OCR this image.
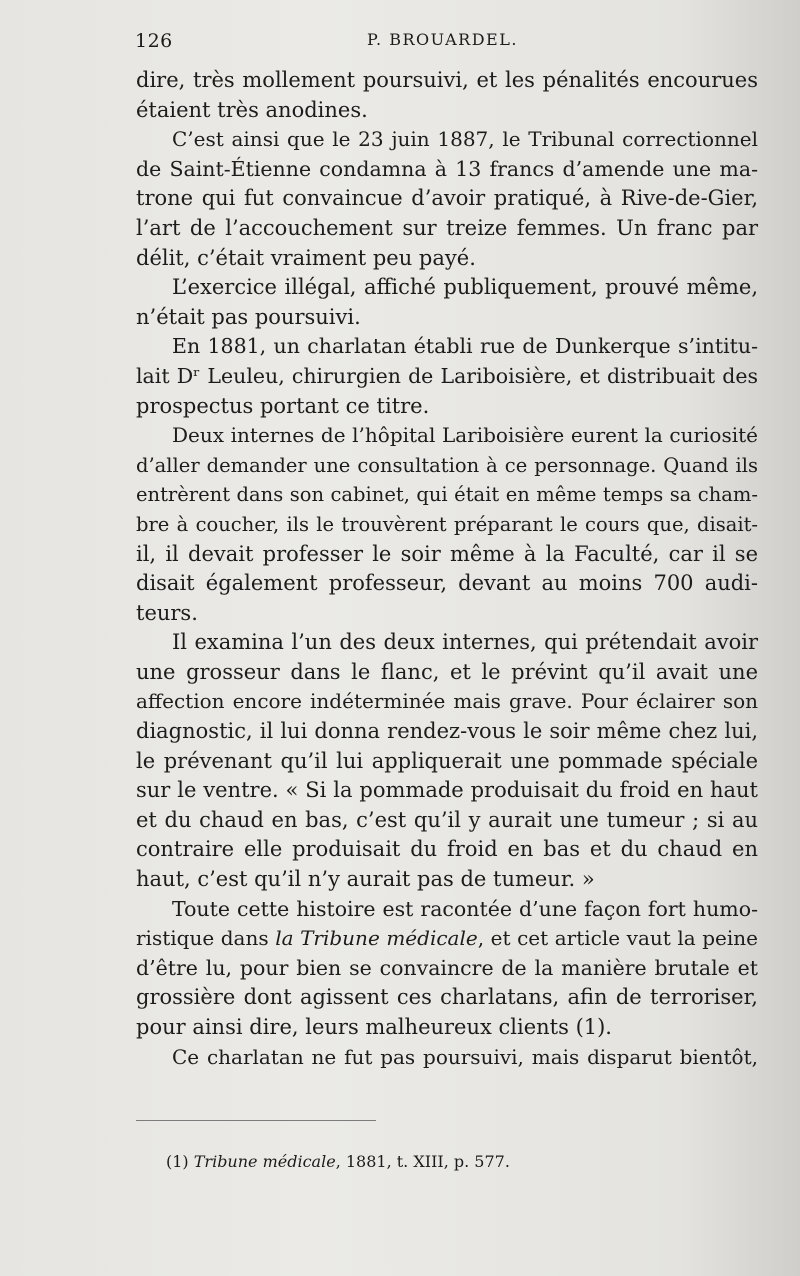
126	P. BROUARDEL.
dire, très mollement poursuivi, et les pénalités encourues
étaient très anodines.
C’est ainsi que le 23 juin 1887, le Tribunal correctionnel
de Saint-Étienne condamna à 13 francs d’amende une ma-
trone qui fut convaincue d’avoir pratiqué, à Rive-de-Gier,
l’art de l’accouchement sur treize femmes. Un franc par
délit, c’était vraiment peu payé.
L’exercice illégal, affiché publiquement, prouvé même,
n’était pas poursuivi.
En 1881, un charlatan établi rue de Dunkerque s’intitu-
lait Dʳ Leuleu, chirurgien de Lariboisière, et distribuait des
prospectus portant ce titre.
Deux internes de l’hôpital Lariboisière eurent la curiosité
d’aller demander une consultation à ce personnage. Quand ils
entrèrent dans son cabinet, qui était en même temps sa cham-
bre à coucher, ils le trouvèrent préparant le cours que, disait-
il, il devait professer le soir même à la Faculté, car il se
disait également professeur, devant au moins 700 audi-
teurs.
Il examina l’un des deux internes, qui prétendait avoir
une grosseur dans le flanc, et le prévint qu’il avait une
affection encore indéterminée mais grave. Pour éclairer son
diagnostic, il lui donna rendez-vous le soir même chez lui,
le prévenant qu’il lui appliquerait une pommade spéciale
sur le ventre. « Si la pommade produisait du froid en haut
et du chaud en bas, c’est qu’il y aurait une tumeur ; si au
contraire elle produisait du froid en bas et du chaud en
haut, c’est qu’il n’y aurait pas de tumeur. »
Toute cette histoire est racontée d’une façon fort humo-
ristique dans la Tribune médicale, et cet article vaut la peine
d’être lu, pour bien se convaincre de la manière brutale et
grossière dont agissent ces charlatans, afin de terroriser,
pour ainsi dire, leurs malheureux clients (1).
Ce charlatan ne fut pas poursuivi, mais disparut bientôt,
(1) Tribune médicale, 1881, t. XIII, p. 577.
